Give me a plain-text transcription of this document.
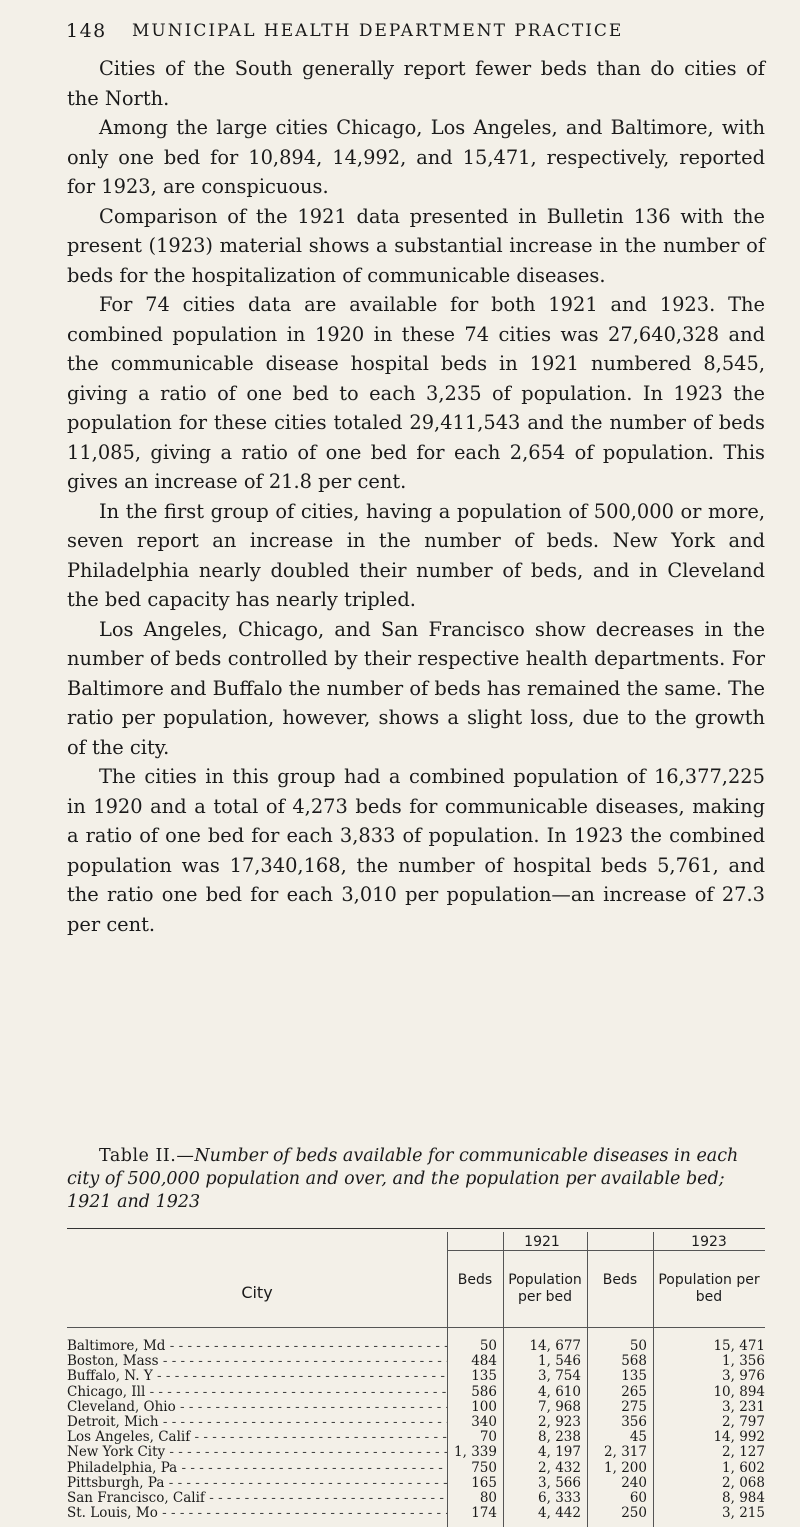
148 MUNICIPAL HEALTH DEPARTMENT PRACTICE

Cities of the South generally report fewer beds than do cities of the North.

Among the large cities Chicago, Los Angeles, and Baltimore, with only one bed for 10,894, 14,992, and 15,471, respectively, reported for 1923, are conspicuous.

Comparison of the 1921 data presented in Bulletin 136 with the present (1923) material shows a substantial increase in the number of beds for the hospitalization of communicable diseases.

For 74 cities data are available for both 1921 and 1923. The combined population in 1920 in these 74 cities was 27,640,328 and the communicable disease hospital beds in 1921 numbered 8,545, giving a ratio of one bed to each 3,235 of population. In 1923 the population for these cities totaled 29,411,543 and the number of beds 11,085, giving a ratio of one bed for each 2,654 of population. This gives an increase of 21.8 per cent.

In the first group of cities, having a population of 500,000 or more, seven report an increase in the number of beds. New York and Philadelphia nearly doubled their number of beds, and in Cleveland the bed capacity has nearly tripled.

Los Angeles, Chicago, and San Francisco show decreases in the number of beds controlled by their respective health departments. For Baltimore and Buffalo the number of beds has remained the same. The ratio per population, however, shows a slight loss, due to the growth of the city.

The cities in this group had a combined population of 16,377,225 in 1920 and a total of 4,273 beds for communicable diseases, making a ratio of one bed for each 3,833 of population. In 1923 the combined population was 17,340,168, the number of hospital beds 5,761, and the ratio one bed for each 3,010 per population—an increase of 27.3 per cent.

Table II.—Number of beds available for communicable diseases in each city of 500,000 population and over, and the population per available bed; 1921 and 1923
City
1921	1923
Baltimore, Md - - -	50	14, 677	50	15, 471
Boston, Mass - - -	484	1, 546	568	1, 356
Buffalo, N. Y - - -	135	3, 754	135	3, 976
Chicago, Ill - - -	586	4, 610	265	10, 894
Cleveland, Ohio - - -	100	7, 968	275	3, 231
Detroit, Mich - - -	340	2, 923	356	2, 797
Los Angeles, Calif - - -	70	8, 238	45	14, 992
New York City - - -	1, 339	4, 197	2, 317	2, 127
Philadelphia, Pa - - -	750	2, 432	1, 200	1, 602
Pittsburgh, Pa - - -	165	3, 566	240	2, 068
San Francisco, Calif - - -	80	6, 333	60	8, 984
St. Louis, Mo - - -	174	4, 442	250	3, 215
Beds	Population per bed
Beds	Population per bed
